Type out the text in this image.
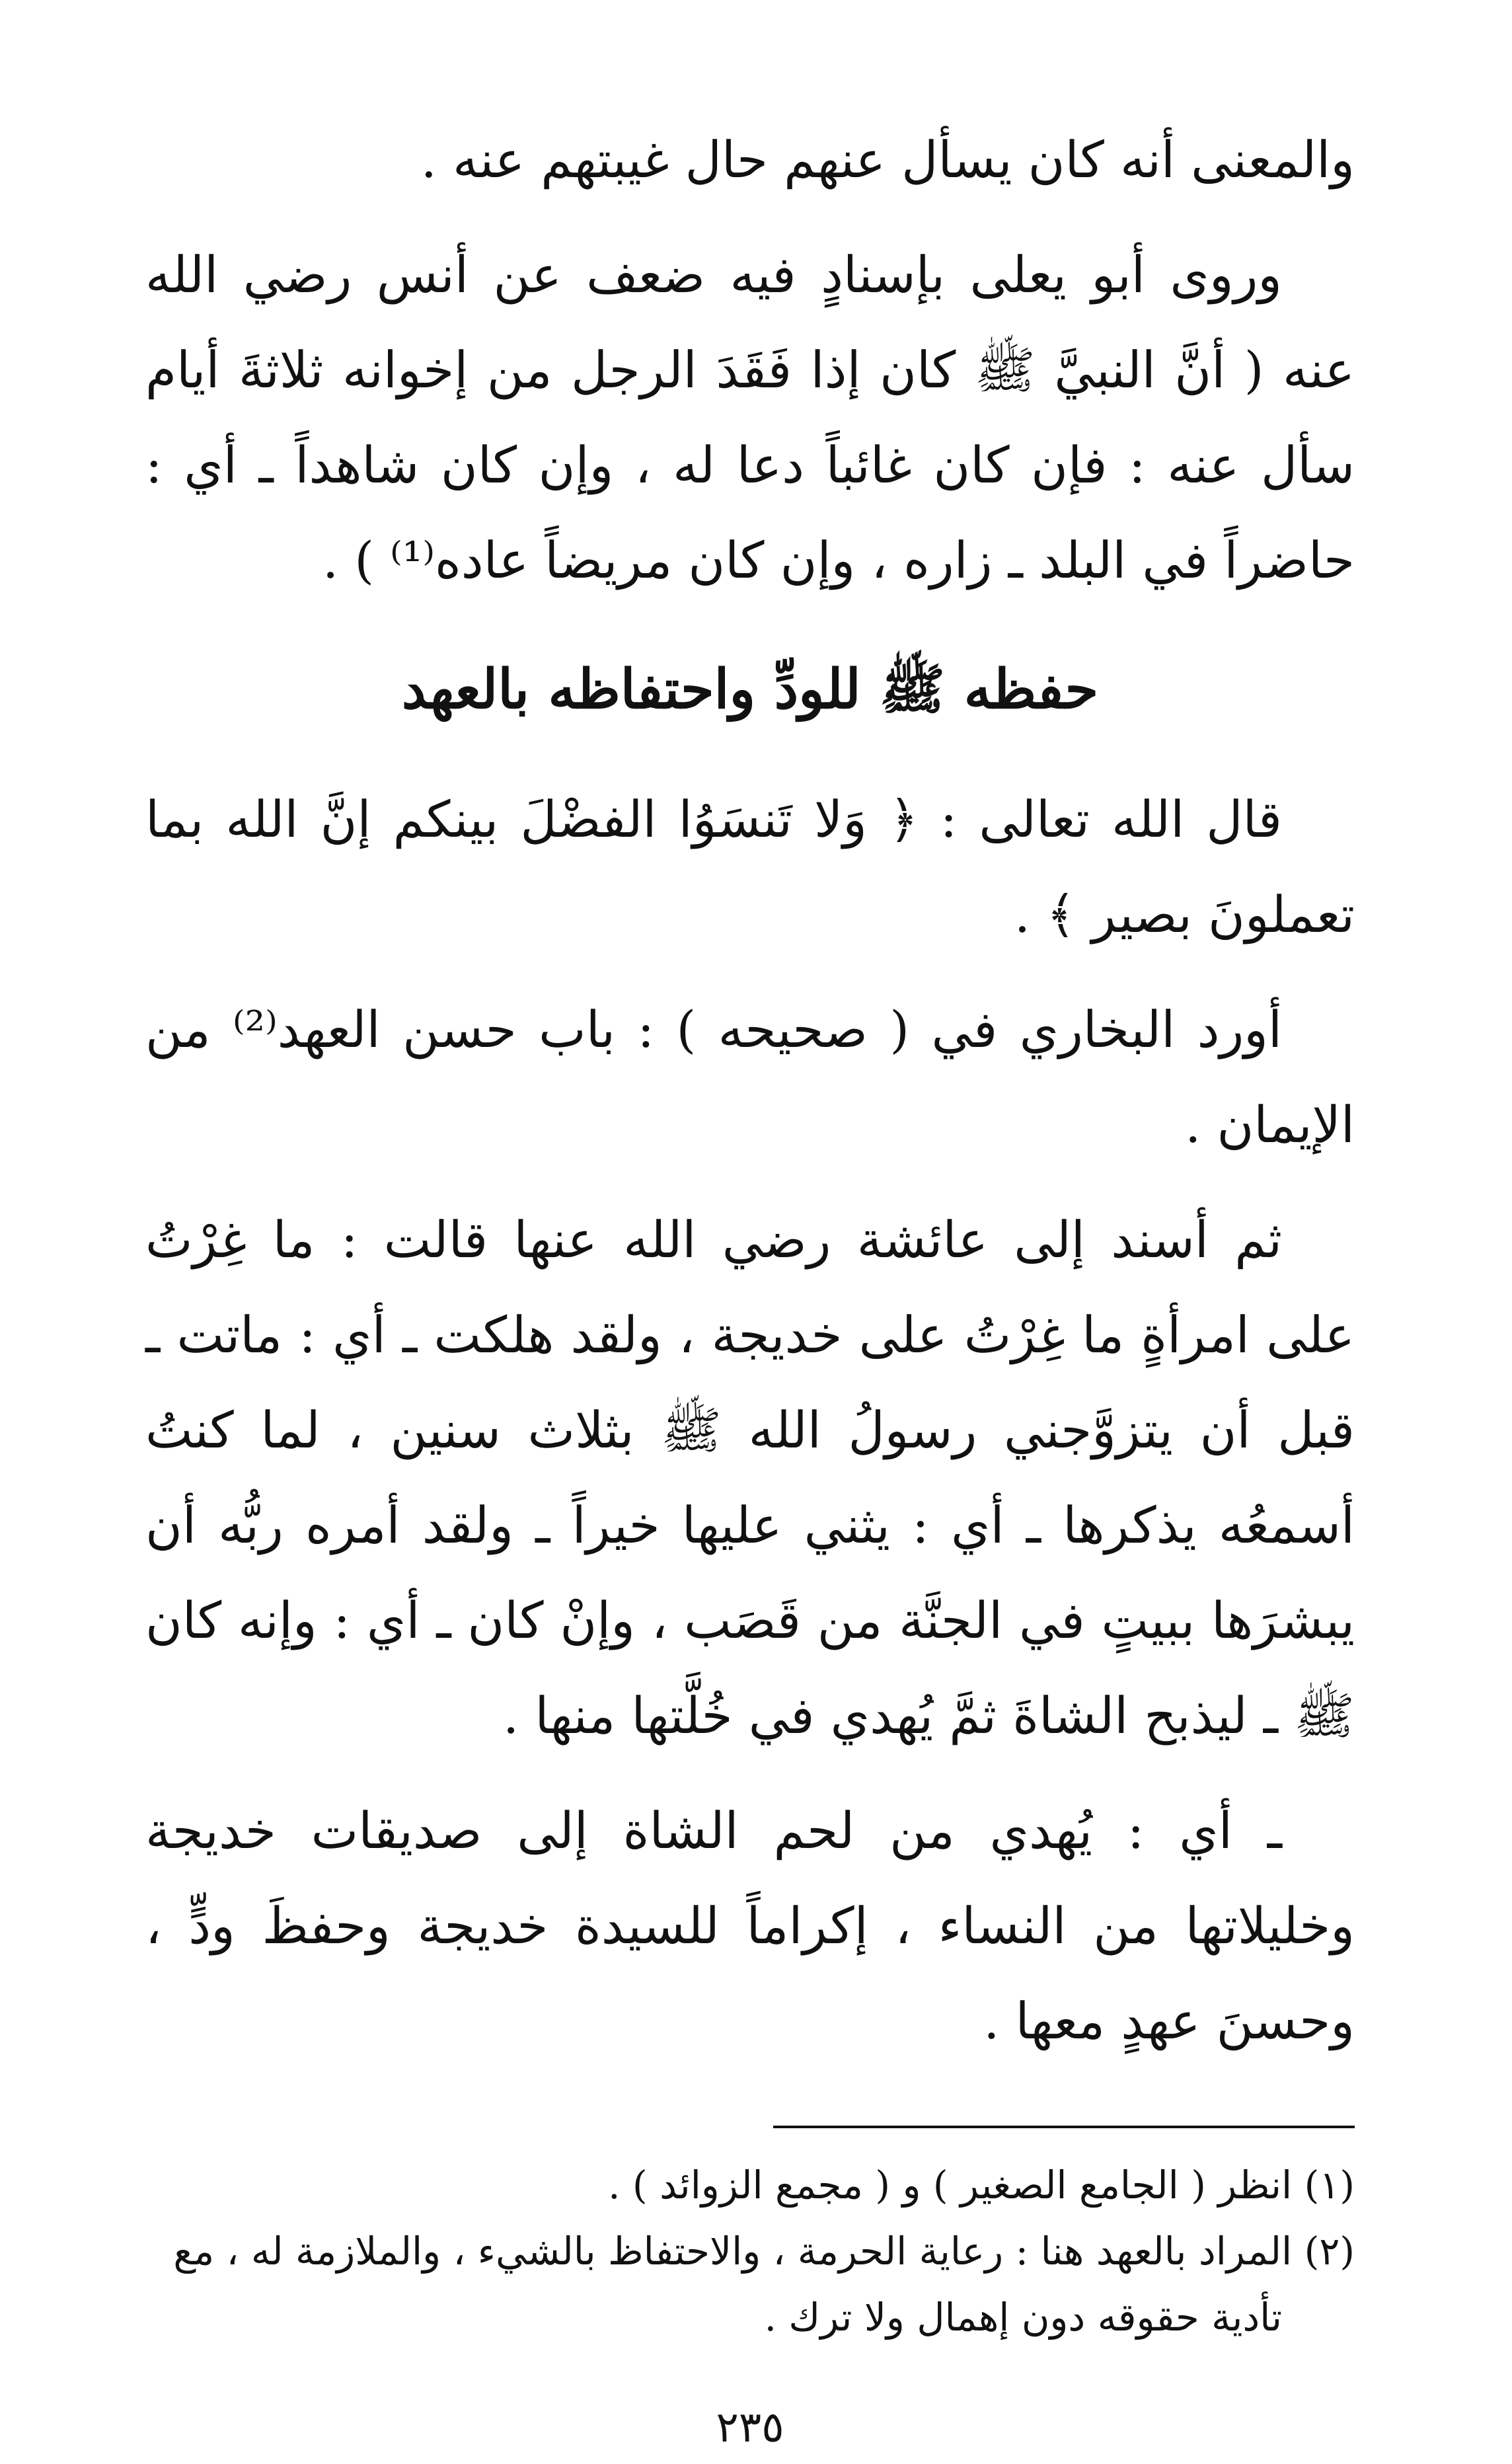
والمعنى أنه كان يسأل عنهم حال غيبتهم عنه .

وروى أبو يعلى بإسنادٍ فيه ضعف عن أنس رضي الله عنه ( أنَّ النبيَّ ﷺ كان إذا فَقَدَ الرجل من إخوانه ثلاثةَ أيام سأل عنه : فإن كان غائباً دعا له ، وإن كان شاهداً ـ أي : حاضراً في البلد ـ زاره ، وإن كان مريضاً عاده⁽¹⁾ ) .

حفظه ﷺ للودِّ واحتفاظه بالعهد

قال الله تعالى : ﴿ وَلا تَنسَوُا الفضْلَ بينكم إنَّ الله بما تعملونَ بصير ﴾ .

أورد البخاري في ( صحيحه ) : باب حسن العهد⁽²⁾ من الإيمان .

ثم أسند إلى عائشة رضي الله عنها قالت : ما غِرْتُ على امرأةٍ ما غِرْتُ على خديجة ، ولقد هلكت ـ أي : ماتت ـ قبل أن يتزوَّجني رسولُ الله ﷺ بثلاث سنين ، لما كنتُ أسمعُه يذكرها ـ أي : يثني عليها خيراً ـ ولقد أمره ربُّه أن يبشرَها ببيتٍ في الجنَّة من قَصَب ، وإنْ كان ـ أي : وإنه كان ﷺ ـ ليذبح الشاةَ ثمَّ يُهدي في خُلَّتها منها .

ـ أي : يُهدي من لحم الشاة إلى صديقات خديجة وخليلاتها من النساء ، إكراماً للسيدة خديجة وحفظَ ودٍّ ، وحسنَ عهدٍ معها .

(١) انظر ( الجامع الصغير ) و ( مجمع الزوائد ) .

(٢) المراد بالعهد هنا : رعاية الحرمة ، والاحتفاظ بالشيء ، والملازمة له ، مع

تأدية حقوقه دون إهمال ولا ترك .

٢٣٥
